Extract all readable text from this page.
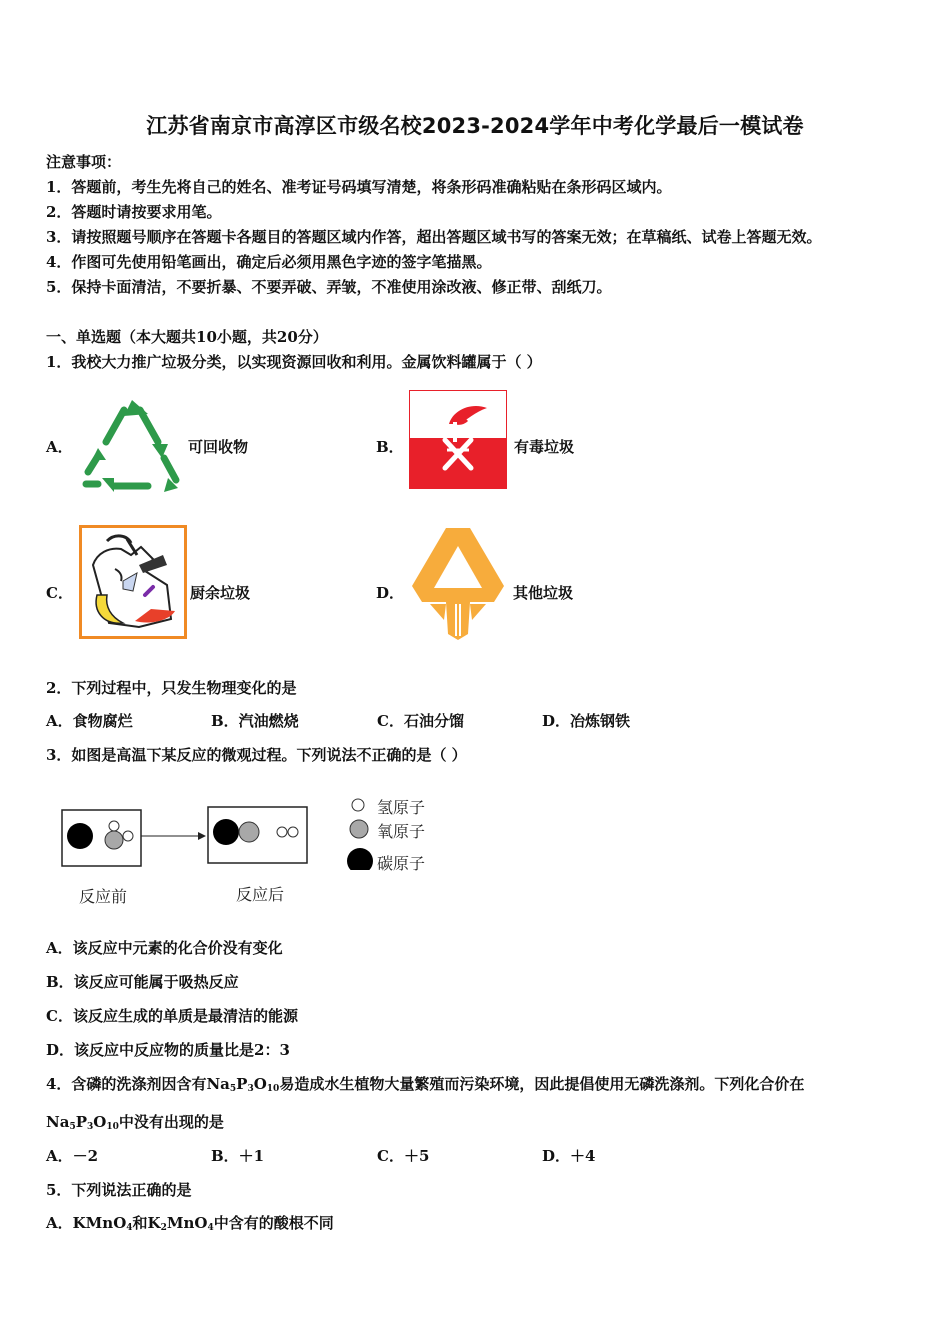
江苏省南京市高淳区市级名校2023-2024学年中考化学最后一模试卷
注意事项：
1．答题前，考生先将自己的姓名、准考证号码填写清楚，将条形码准确粘贴在条形码区域内。
2．答题时请按要求用笔。
3．请按照题号顺序在答题卡各题目的答题区域内作答，超出答题区域书写的答案无效；在草稿纸、试卷上答题无效。
4．作图可先使用铅笔画出，确定后必须用黑色字迹的签字笔描黑。
5．保持卡面清洁，不要折暴、不要弄破、弄皱，不准使用涂改液、修正带、刮纸刀。
一、单选题（本大题共10小题，共20分）
1．我校大力推广垃圾分类，以实现资源回收和利用。金属饮料罐属于（ ）
A．	可回收物	B．	有毒垃圾
C．	厨余垃圾	D．	其他垃圾
2．下列过程中，只发生物理变化的是
A．食物腐烂	B．汽油燃烧	C．石油分馏	D．冶炼钢铁
3．如图是高温下某反应的微观过程。下列说法不正确的是（ ）
氢原子
氧原子
碳原子
反应前	反应后
A．该反应中元素的化合价没有变化
B．该反应可能属于吸热反应
C．该反应生成的单质是最清洁的能源
D．该反应中反应物的质量比是2：3
4．含磷的洗涤剂因含有$Na_5P_3O_{10}$易造成水生植物大量繁殖而污染环境，因此提倡使用无磷洗涤剂。下列化合价在
$Na_5P_3O_{10}$中没有出现的是
A．－2	B．＋1	C．＋5	D．＋4
5．下列说法正确的是
A．KMnO$_4$和$K_2MnO_4$中含有的酸根不同
